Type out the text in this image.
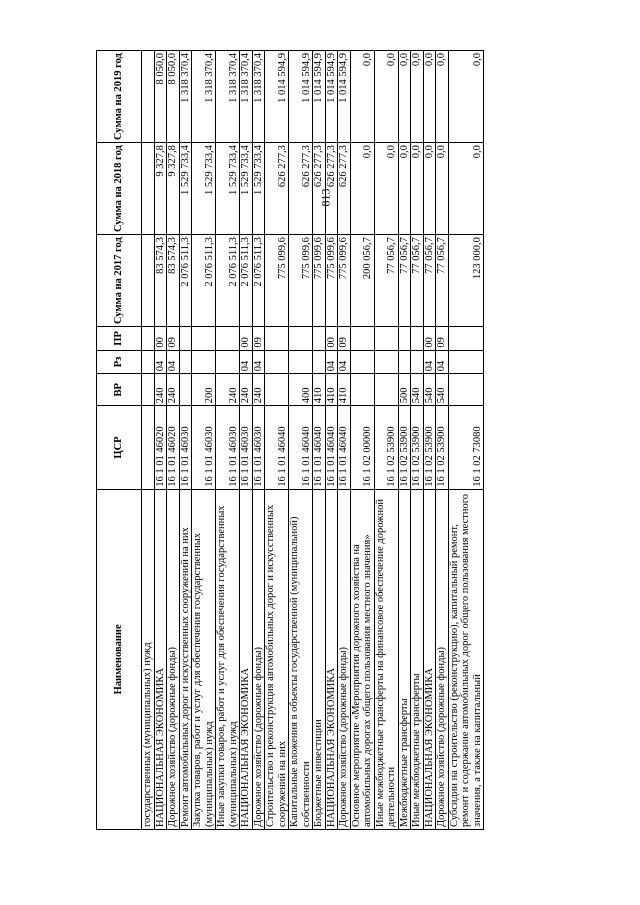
813
Наименование	ЦСР	ВР	Рз	ПР	Сумма на 2017 год	Сумма на 2018 год	Сумма на 2019 год
государственных (муниципальных) нужд							
НАЦИОНАЛЬНАЯ ЭКОНОМИКА	16 1 01 46020	240	04	00	83 574,3	9 327,8	8 050,0
Дорожное хозяйство (дорожные фонды)	16 1 01 46020	240	04	09	83 574,3	9 327,8	8 050,0
Ремонт автомобильных дорог и искусственных сооружений на них	16 1 01 46030				2 076 511,3	1 529 733,4	1 318 370,4
Закупка товаров, работ и услуг для обеспечения государственных (муниципальных) нужд	16 1 01 46030	200			2 076 511,3	1 529 733,4	1 318 370,4
Иные закупки товаров, работ и услуг для обеспечения государственных (муниципальных) нужд	16 1 01 46030	240			2 076 511,3	1 529 733,4	1 318 370,4
НАЦИОНАЛЬНАЯ ЭКОНОМИКА	16 1 01 46030	240	04	00	2 076 511,3	1 529 733,4	1 318 370,4
Дорожное хозяйство (дорожные фонды)	16 1 01 46030	240	04	09	2 076 511,3	1 529 733,4	1 318 370,4
Строительство и реконструкция автомобильных дорог и искусственных сооружений на них	16 1 01 46040				775 099,6	626 277,3	1 014 594,9
Капитальные вложения в объекты государственной (муниципальной) собственности	16 1 01 46040	400			775 099,6	626 277,3	1 014 594,9
Бюджетные инвестиции	16 1 01 46040	410			775 099,6	626 277,3	1 014 594,9
НАЦИОНАЛЬНАЯ ЭКОНОМИКА	16 1 01 46040	410	04	00	775 099,6	626 277,3	1 014 594,9
Дорожное хозяйство (дорожные фонды)	16 1 01 46040	410	04	09	775 099,6	626 277,3	1 014 594,9
Основное мероприятие «Мероприятия дорожного хозяйства на автомобильных дорогах общего пользования местного значения»	16 1 02 00000				200 056,7	0,0	0,0
Иные межбюджетные трансферты на финансовое обеспечение дорожной деятельности	16 1 02 53900				77 056,7	0,0	0,0
Межбюджетные трансферты	16 1 02 53900	500			77 056,7	0,0	0,0
Иные межбюджетные трансферты	16 1 02 53900	540			77 056,7	0,0	0,0
НАЦИОНАЛЬНАЯ ЭКОНОМИКА	16 1 02 53900	540	04	00	77 056,7	0,0	0,0
Дорожное хозяйство (дорожные фонды)	16 1 02 53900	540	04	09	77 056,7	0,0	0,0
Субсидии на строительство (реконструкцию), капитальный ремонт, ремонт и содержание автомобильных дорог общего пользования местного значения, а также на капитальный	16 1 02 73080				123 000,0	0,0	0,0
